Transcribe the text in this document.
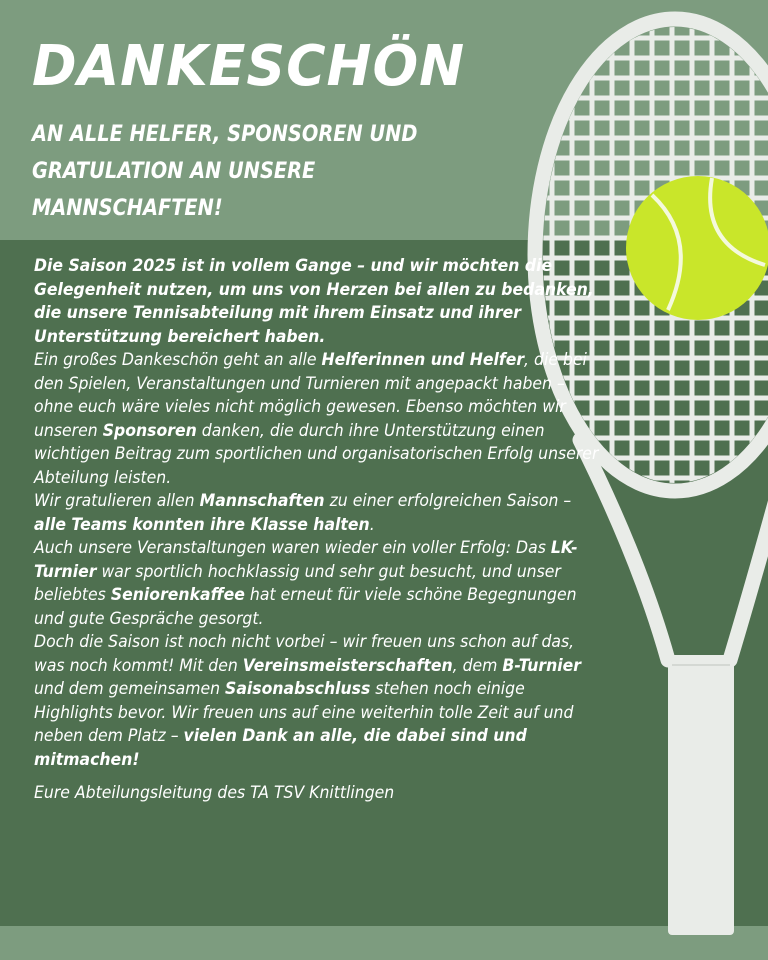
DANKESCHÖN
AN ALLE HELFER, SPONSOREN UND GRATULATION AN UNSERE MANNSCHAFTEN!

Die Saison 2025 ist in vollem Gange – und wir möchten die Gelegenheit nutzen, um uns von Herzen bei allen zu bedanken, die unsere Tennisabteilung mit ihrem Einsatz und ihrer Unterstützung bereichert haben.

Ein großes Dankeschön geht an alle Helferinnen und Helfer, die bei den Spielen, Veranstaltungen und Turnieren mit angepackt haben – ohne euch wäre vieles nicht möglich gewesen. Ebenso möchten wir unseren Sponsoren danken, die durch ihre Unterstützung einen wichtigen Beitrag zum sportlichen und organisatorischen Erfolg unserer Abteilung leisten.

Wir gratulieren allen Mannschaften zu einer erfolgreichen Saison – alle Teams konnten ihre Klasse halten.

Auch unsere Veranstaltungen waren wieder ein voller Erfolg: Das LK-Turnier war sportlich hochklassig und sehr gut besucht, und unser beliebtes Seniorenkaffee hat erneut für viele schöne Begegnungen und gute Gespräche gesorgt.

Doch die Saison ist noch nicht vorbei – wir freuen uns schon auf das, was noch kommt! Mit den Vereinsmeisterschaften, dem B-Turnier und dem gemeinsamen Saisonabschluss stehen noch einige Highlights bevor. Wir freuen uns auf eine weiterhin tolle Zeit auf und neben dem Platz – vielen Dank an alle, die dabei sind und mitmachen!

Eure Abteilungsleitung des TA TSV Knittlingen
